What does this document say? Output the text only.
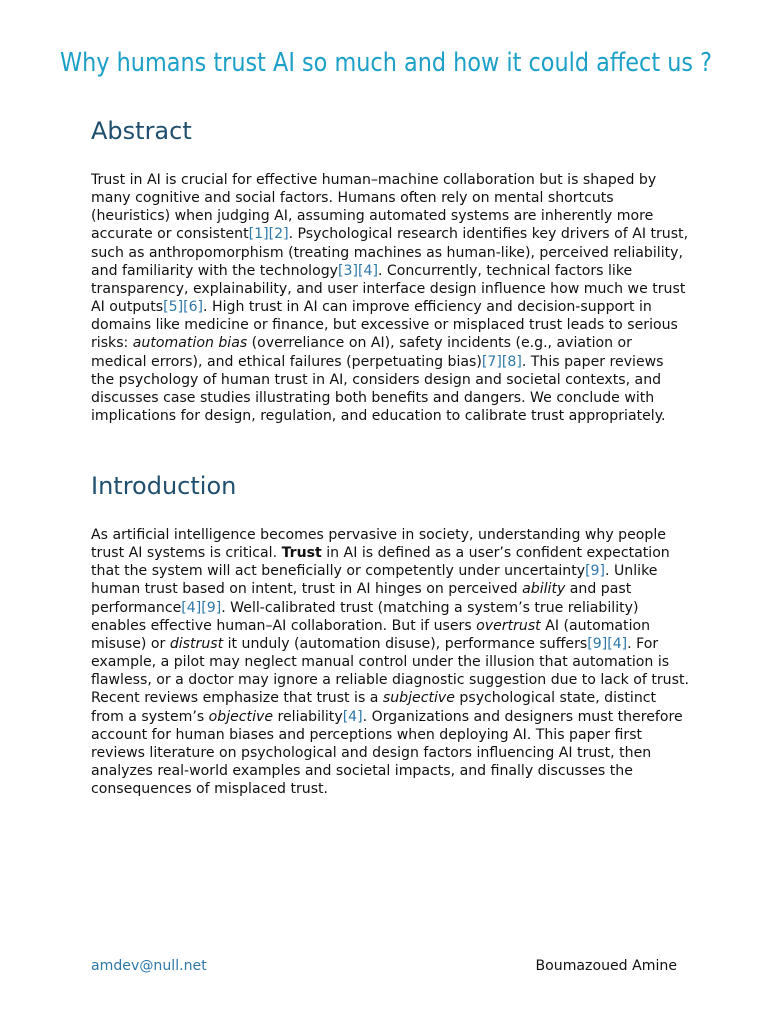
Why humans trust AI so much and how it could affect us ?
Abstract

Trust in AI is crucial for effective human–machine collaboration but is shaped by many cognitive and social factors. Humans often rely on mental shortcuts (heuristics) when judging AI, assuming automated systems are inherently more accurate or consistent[1][2]. Psychological research identifies key drivers of AI trust, such as anthropomorphism (treating machines as human-like), perceived reliability, and familiarity with the technology[3][4]. Concurrently, technical factors like transparency, explainability, and user interface design influence how much we trust AI outputs[5][6]. High trust in AI can improve efficiency and decision-support in domains like medicine or finance, but excessive or misplaced trust leads to serious risks: automation bias (overreliance on AI), safety incidents (e.g., aviation or medical errors), and ethical failures (perpetuating bias)[7][8]. This paper reviews the psychology of human trust in AI, considers design and societal contexts, and discusses case studies illustrating both benefits and dangers. We conclude with implications for design, regulation, and education to calibrate trust appropriately.

Introduction

As artificial intelligence becomes pervasive in society, understanding why people trust AI systems is critical. Trust in AI is defined as a user’s confident expectation that the system will act beneficially or competently under uncertainty[9]. Unlike human trust based on intent, trust in AI hinges on perceived ability and past performance[4][9]. Well-calibrated trust (matching a system’s true reliability) enables effective human–AI collaboration. But if users overtrust AI (automation misuse) or distrust it unduly (automation disuse), performance suffers[9][4]. For example, a pilot may neglect manual control under the illusion that automation is flawless, or a doctor may ignore a reliable diagnostic suggestion due to lack of trust. Recent reviews emphasize that trust is a subjective psychological state, distinct from a system’s objective reliability[4]. Organizations and designers must therefore account for human biases and perceptions when deploying AI. This paper first reviews literature on psychological and design factors influencing AI trust, then analyzes real-world examples and societal impacts, and finally discusses the consequences of misplaced trust.

amdev@null.net	Boumazoued Amine
